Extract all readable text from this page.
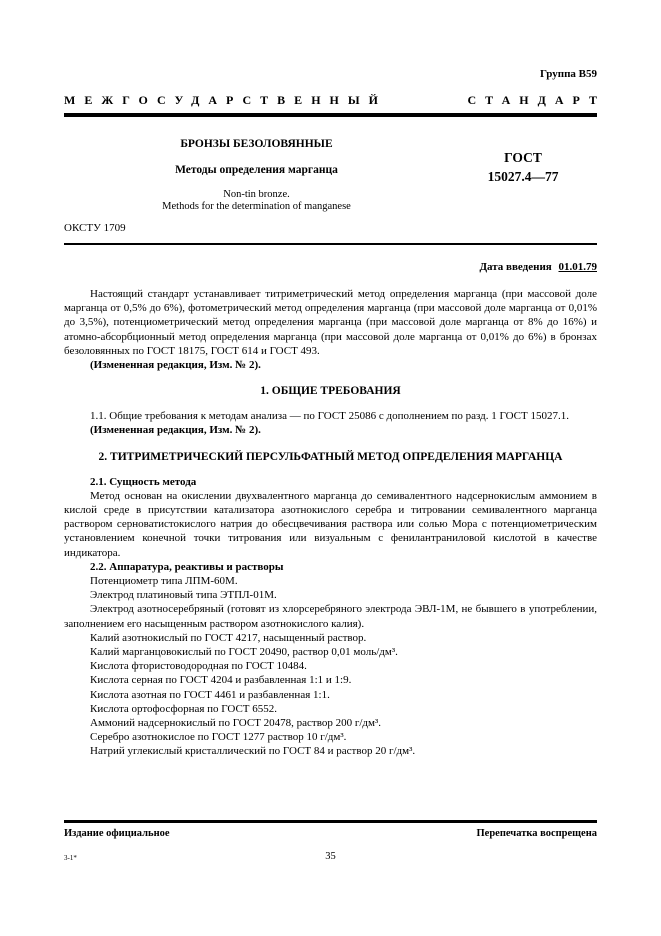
Группа В59
МЕЖГОСУДАРСТВЕННЫЙ	СТАНДАРТ
БРОНЗЫ БЕЗОЛОВЯННЫЕ
Методы определения марганца
Non-tin bronze.
Methods for the determination of manganese
ГОСТ
15027.4—77
ОКСТУ 1709
Дата введения 01.01.79

Настоящий стандарт устанавливает титриметрический метод определения марганца (при массовой доле марганца от 0,5% до 6%), фотометрический метод определения марганца (при массовой доле марганца от 0,01% до 3,5%), потенциометрический метод определения марганца (при массовой доле марганца от 8% до 16%) и атомно-абсорбционный метод определения марганца (при массовой доле марганца от 0,01% до 6%) в бронзах безоловянных по ГОСТ 18175, ГОСТ 614 и ГОСТ 493.

(Измененная редакция, Изм. № 2).

1. ОБЩИЕ ТРЕБОВАНИЯ

1.1. Общие требования к методам анализа — по ГОСТ 25086 с дополнением по разд. 1 ГОСТ 15027.1.

(Измененная редакция, Изм. № 2).

2. ТИТРИМЕТРИЧЕСКИЙ ПЕРСУЛЬФАТНЫЙ МЕТОД ОПРЕДЕЛЕНИЯ МАРГАНЦА

2.1. Сущность метода

Метод основан на окислении двухвалентного марганца до семивалентного надсернокислым аммонием в кислой среде в присутствии катализатора азотнокислого серебра и титровании семивалентного марганца раствором серноватистокислого натрия до обесцвечивания раствора или солью Мора с потенциометрическим установлением конечной точки титрования или визуальным с фенилантраниловой кислотой в качестве индикатора.

2.2. Аппаратура, реактивы и растворы

Потенциометр типа ЛПМ-60М.

Электрод платиновый типа ЭТПЛ-01М.

Электрод азотносеребряный (готовят из хлорсеребряного электрода ЭВЛ-1М, не бывшего в употреблении, заполнением его насыщенным раствором азотнокислого калия).

Калий азотнокислый по ГОСТ 4217, насыщенный раствор.

Калий марганцовокислый по ГОСТ 20490, раствор 0,01 моль/дм³.

Кислота фтористоводородная по ГОСТ 10484.

Кислота серная по ГОСТ 4204 и разбавленная 1:1 и 1:9.

Кислота азотная по ГОСТ 4461 и разбавленная 1:1.

Кислота ортофосфорная по ГОСТ 6552.

Аммоний надсернокислый по ГОСТ 20478, раствор 200 г/дм³.

Серебро азотнокислое по ГОСТ 1277 раствор 10 г/дм³.

Натрий углекислый кристаллический по ГОСТ 84 и раствор 20 г/дм³.

Издание официальное	Перепечатка воспрещена
3-1*	35
